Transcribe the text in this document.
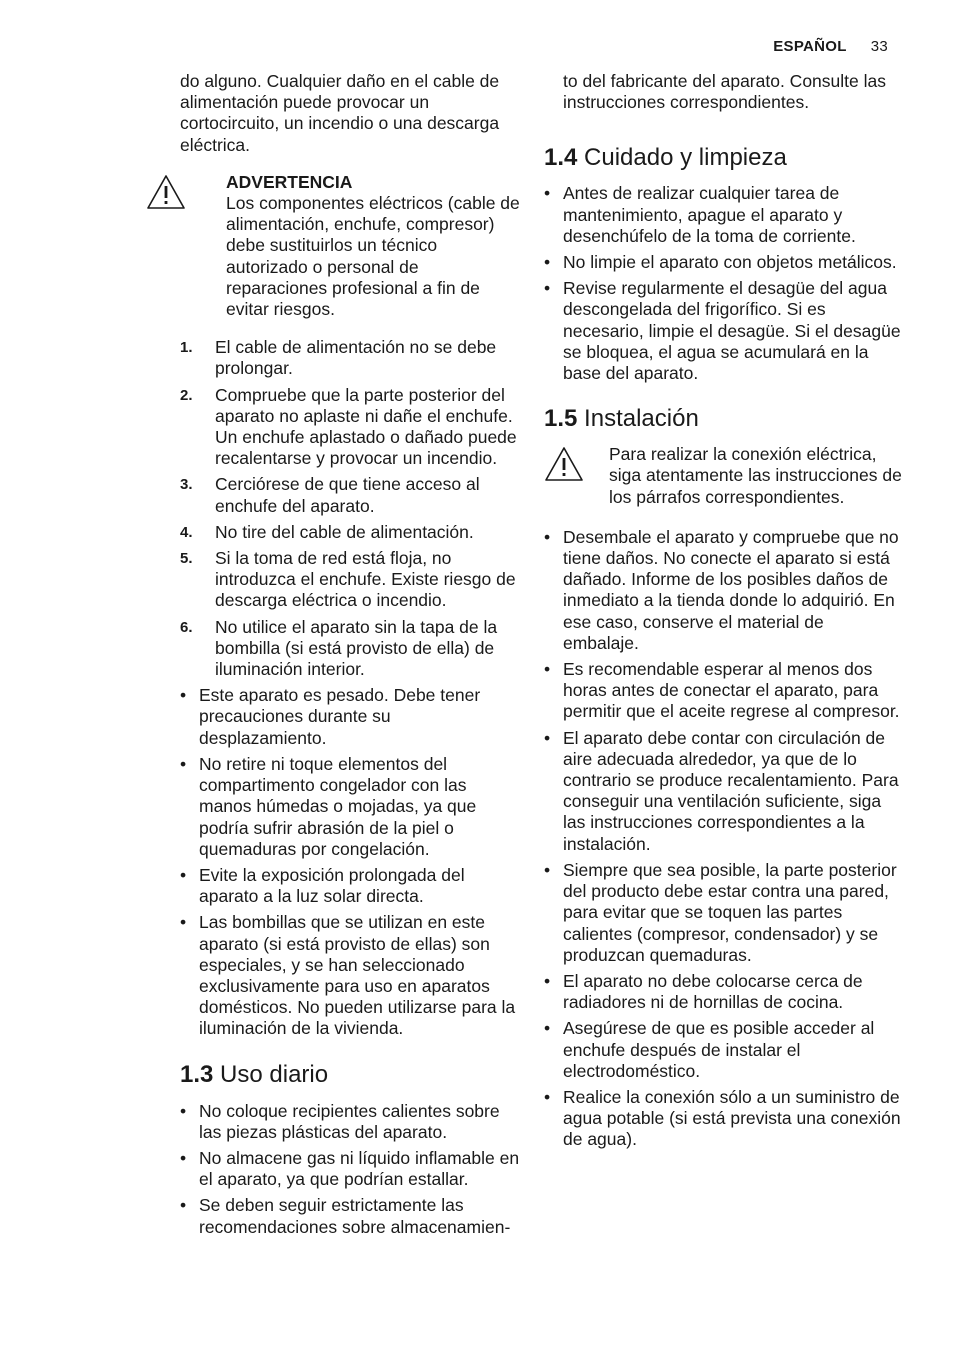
ESPAÑOL 33

do alguno. Cualquier daño en el cable de alimentación puede provocar un cortocircuito, un incendio o una descarga eléctrica.

ADVERTENCIA
Los componentes eléctricos (cable de alimentación, enchufe, compresor) debe sustituirlos un técnico autorizado o personal de reparaciones profesional a fin de evitar riesgos.
1. El cable de alimentación no se debe prolongar.
2. Compruebe que la parte posterior del aparato no aplaste ni dañe el enchufe. Un enchufe aplastado o dañado puede recalentarse y provocar un incendio.
3. Cerciórese de que tiene acceso al enchufe del aparato.
4. No tire del cable de alimentación.
5. Si la toma de red está floja, no introduzca el enchufe. Existe riesgo de descarga eléctrica o incendio.
6. No utilice el aparato sin la tapa de la bombilla (si está provisto de ella) de iluminación interior.
• Este aparato es pesado. Debe tener precauciones durante su desplazamiento.
• No retire ni toque elementos del compartimento congelador con las manos húmedas o mojadas, ya que podría sufrir abrasión de la piel o quemaduras por congelación.
• Evite la exposición prolongada del aparato a la luz solar directa.
• Las bombillas que se utilizan en este aparato (si está provisto de ellas) son especiales, y se han seleccionado exclusivamente para uso en aparatos domésticos. No pueden utilizarse para la iluminación de la vivienda.
1.3 Uso diario
• No coloque recipientes calientes sobre las piezas plásticas del aparato.
• No almacene gas ni líquido inflamable en el aparato, ya que podrían estallar.
• Se deben seguir estrictamente las recomendaciones sobre almacenamien-

to del fabricante del aparato. Consulte las instrucciones correspondientes.

1.4 Cuidado y limpieza
• Antes de realizar cualquier tarea de mantenimiento, apague el aparato y desenchúfelo de la toma de corriente.
• No limpie el aparato con objetos metálicos.
• Revise regularmente el desagüe del agua descongelada del frigorífico. Si es necesario, limpie el desagüe. Si el desagüe se bloquea, el agua se acumulará en la base del aparato.
1.5 Instalación
Para realizar la conexión eléctrica, siga atentamente las instrucciones de los párrafos correspondientes.
• Desembale el aparato y compruebe que no tiene daños. No conecte el aparato si está dañado. Informe de los posibles daños de inmediato a la tienda donde lo adquirió. En ese caso, conserve el material de embalaje.
• Es recomendable esperar al menos dos horas antes de conectar el aparato, para permitir que el aceite regrese al compresor.
• El aparato debe contar con circulación de aire adecuada alrededor, ya que de lo contrario se produce recalentamiento. Para conseguir una ventilación suficiente, siga las instrucciones correspondientes a la instalación.
• Siempre que sea posible, la parte posterior del producto debe estar contra una pared, para evitar que se toquen las partes calientes (compresor, condensador) y se produzcan quemaduras.
• El aparato no debe colocarse cerca de radiadores ni de hornillas de cocina.
• Asegúrese de que es posible acceder al enchufe después de instalar el electrodoméstico.
• Realice la conexión sólo a un suministro de agua potable (si está prevista una conexión de agua).
